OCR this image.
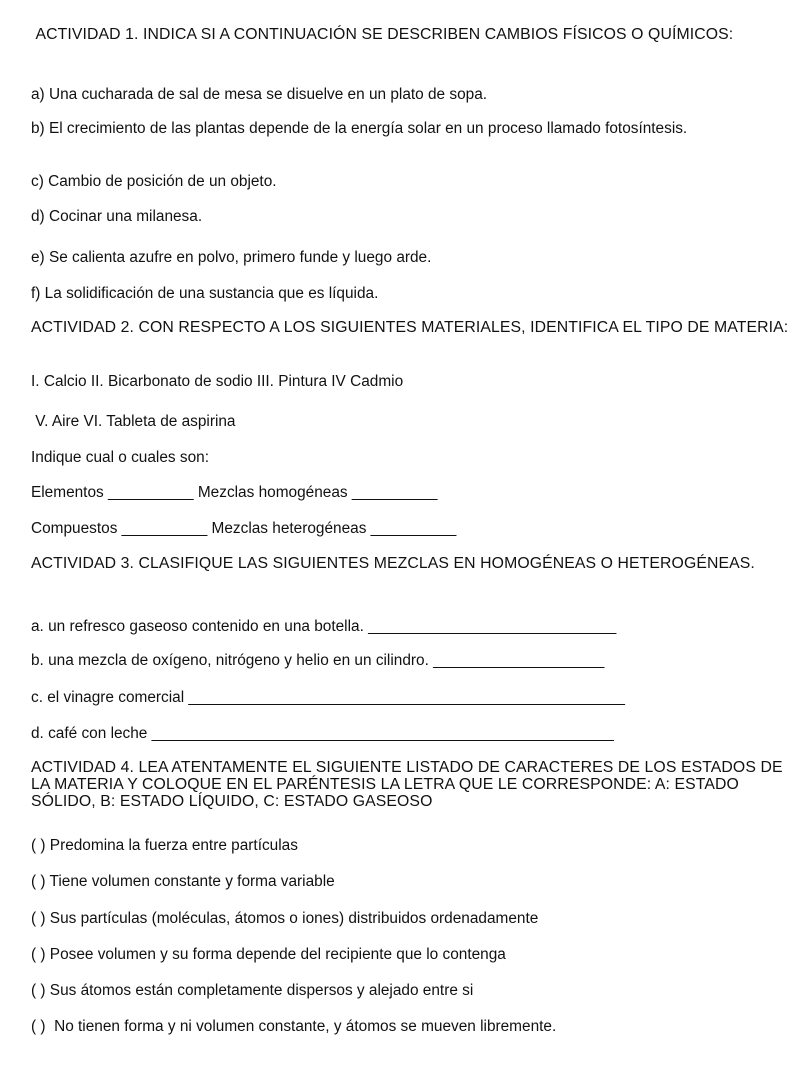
ACTIVIDAD 1. INDICA SI A CONTINUACIÓN SE DESCRIBEN CAMBIOS FÍSICOS O QUÍMICOS:

a) Una cucharada de sal de mesa se disuelve en un plato de sopa.

b) El crecimiento de las plantas depende de la energía solar en un proceso llamado fotosíntesis.

c) Cambio de posición de un objeto.

d) Cocinar una milanesa.

e) Se calienta azufre en polvo, primero funde y luego arde.

f) La solidificación de una sustancia que es líquida.

ACTIVIDAD 2. CON RESPECTO A LOS SIGUIENTES MATERIALES, IDENTIFICA EL TIPO DE MATERIA:

I. Calcio II. Bicarbonato de sodio III. Pintura IV Cadmio

V. Aire VI. Tableta de aspirina

Indique cual o cuales son:

Elementos __________ Mezclas homogéneas __________

Compuestos __________ Mezclas heterogéneas __________

ACTIVIDAD 3. CLASIFIQUE LAS SIGUIENTES MEZCLAS EN HOMOGÉNEAS O HETEROGÉNEAS.

a. un refresco gaseoso contenido en una botella. _____________________________

b. una mezcla de oxígeno, nitrógeno y helio en un cilindro. ____________________

c. el vinagre comercial ___________________________________________________

d. café con leche ______________________________________________________

ACTIVIDAD 4. LEA ATENTAMENTE EL SIGUIENTE LISTADO DE CARACTERES DE LOS ESTADOS DE LA MATERIA Y COLOQUE EN EL PARÉNTESIS LA LETRA QUE LE CORRESPONDE: A: ESTADO SÓLIDO, B: ESTADO LÍQUIDO, C: ESTADO GASEOSO

( ) Predomina la fuerza entre partículas

( ) Tiene volumen constante y forma variable

( ) Sus partículas (moléculas, átomos o iones) distribuidos ordenadamente

( ) Posee volumen y su forma depende del recipiente que lo contenga

( ) Sus átomos están completamente dispersos y alejado entre si

( )  No tienen forma y ni volumen constante, y átomos se mueven libremente.
